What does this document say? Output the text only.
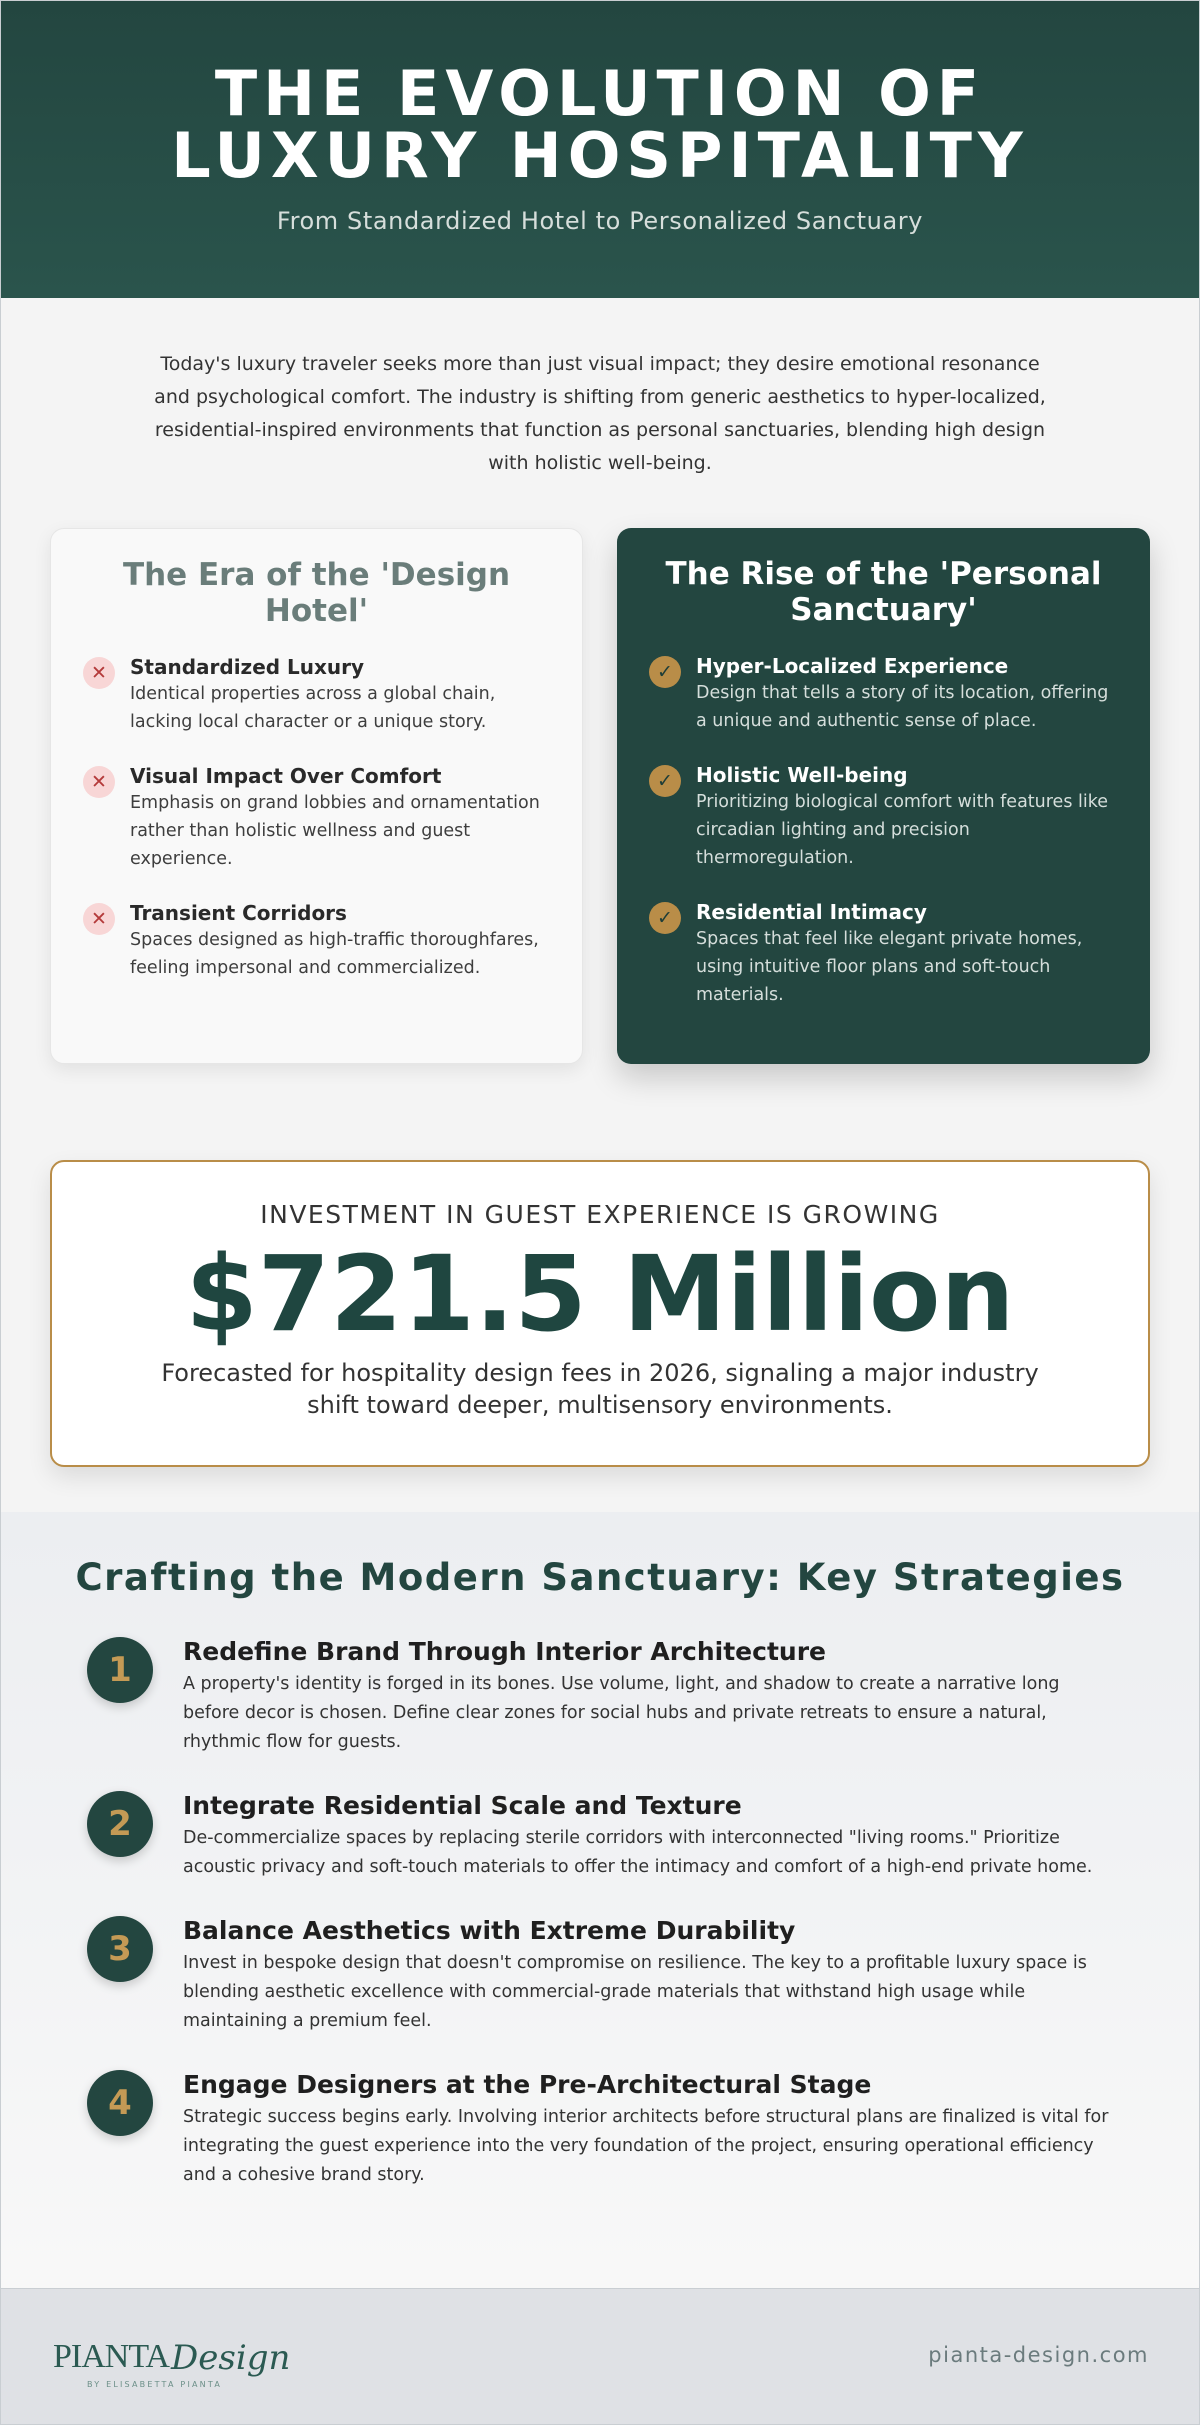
THE EVOLUTION OF
LUXURY HOSPITALITY
From Standardized Hotel to Personalized Sanctuary

Today's luxury traveler seeks more than just visual impact; they desire emotional resonance and psychological comfort. The industry is shifting from generic aesthetics to hyper-localized, residential-inspired environments that function as personal sanctuaries, blending high design with holistic well-being.

The Era of the 'Design Hotel'
✕	Standardized Luxury
Identical properties across a global chain, lacking local character or a unique story.
✕	Visual Impact Over Comfort
Emphasis on grand lobbies and ornamentation rather than holistic wellness and guest experience.
✕	Transient Corridors
Spaces designed as high-traffic thoroughfares, feeling impersonal and commercialized.
The Rise of the 'Personal Sanctuary'
✓	Hyper-Localized Experience
Design that tells a story of its location, offering a unique and authentic sense of place.
✓	Holistic Well-being
Prioritizing biological comfort with features like circadian lighting and precision thermoregulation.
✓	Residential Intimacy
Spaces that feel like elegant private homes, using intuitive floor plans and soft-touch materials.
INVESTMENT IN GUEST EXPERIENCE IS GROWING
$721.5 Million
Forecasted for hospitality design fees in 2026, signaling a major industry shift toward deeper, multisensory environments.
Crafting the Modern Sanctuary: Key Strategies
1	Redefine Brand Through Interior Architecture
A property's identity is forged in its bones. Use volume, light, and shadow to create a narrative long before decor is chosen. Define clear zones for social hubs and private retreats to ensure a natural, rhythmic flow for guests.
2	Integrate Residential Scale and Texture
De-commercialize spaces by replacing sterile corridors with interconnected "living rooms." Prioritize acoustic privacy and soft-touch materials to offer the intimacy and comfort of a high-end private home.
3	Balance Aesthetics with Extreme Durability
Invest in bespoke design that doesn't compromise on resilience. The key to a profitable luxury space is blending aesthetic excellence with commercial-grade materials that withstand high usage while maintaining a premium feel.
4	Engage Designers at the Pre-Architectural Stage
Strategic success begins early. Involving interior architects before structural plans are finalized is vital for integrating the guest experience into the very foundation of the project, ensuring operational efficiency and a cohesive brand story.
PIANTA Design
BY ELISABETTA PIANTA
pianta-design.com
